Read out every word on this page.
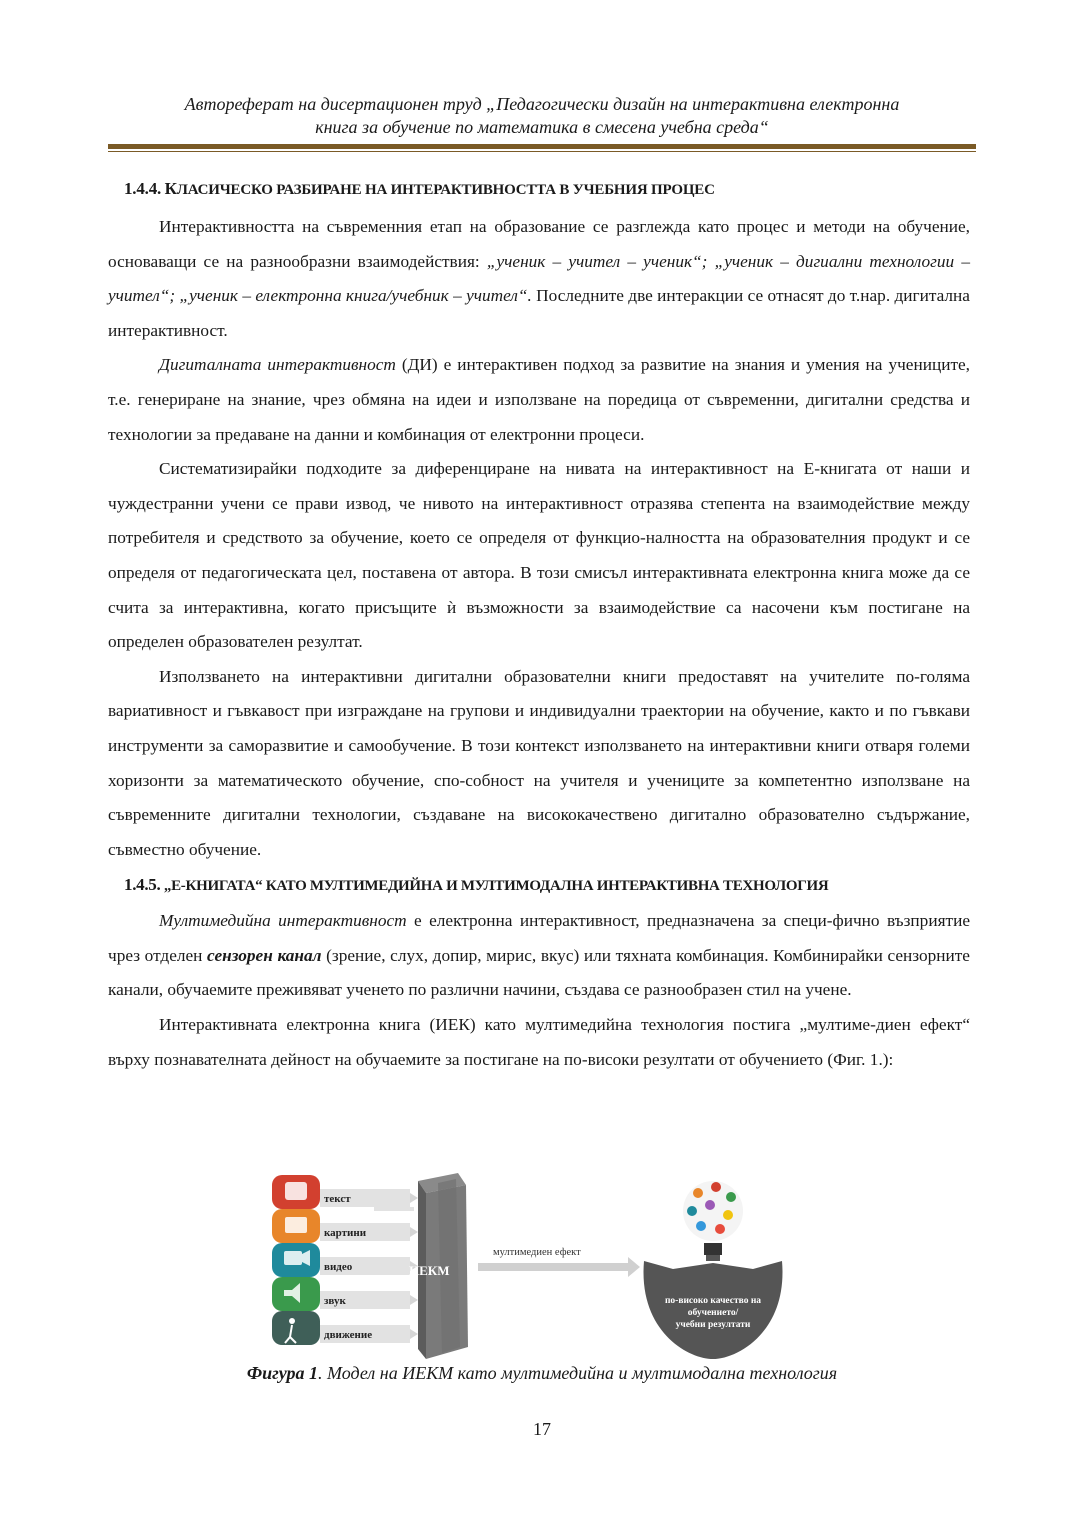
Автореферат на дисертационен труд „Педагогически дизайн на интерактивна електронна
книга за обучение по математика в смесена учебна среда“
1.4.4. КЛАСИЧЕСКО РАЗБИРАНЕ НА ИНТЕРАКТИВНОСТТА В УЧЕБНИЯ ПРОЦЕС

Интерактивността на съвременния етап на образование се разглежда като процес и методи на обучение, основаващи се на разнообразни взаимодействия: „ученик – учител – ученик“; „ученик – дигиални технологии – учител“; „ученик – електронна книга/учебник – учител“. Последните две интеракции се отнасят до т.нар. дигитална интерактивност.

Дигиталната интерактивност (ДИ) е интерактивен подход за развитие на знания и умения на учениците, т.е. генериране на знание, чрез обмяна на идеи и използване на поредица от съвременни, дигитални средства и технологии за предаване на данни и комбинация от електронни процеси.

Систематизирайки подходите за диференциране на нивата на интерактивност на Е-книгата от наши и чуждестранни учени се прави извод, че нивото на интерактивност отразява степента на взаимодействие между потребителя и средството за обучение, което се определя от функцио-налността на образователния продукт и се определя от педагогическата цел, поставена от автора. В този смисъл интерактивната електронна книга може да се счита за интерактивна, когато присъщите ѝ възможности за взаимодействие са насочени към постигане на определен образователен резултат.

Използването на интерактивни дигитални образователни книги предоставят на учителите по-голяма вариативност и гъвкавост при изграждане на групови и индивидуални траектории на обучение, както и по гъвкави инструменти за саморазвитие и самообучение. В този контекст използването на интерактивни книги отваря големи хоризонти за математическото обучение, спо-собност на учителя и учениците за компетентно използване на съвременните дигитални технологии, създаване на висококачествено дигитално образователно съдържание, съвместно обучение.

1.4.5. „Е-КНИГАТА“ КАТО МУЛТИМЕДИЙНА И МУЛТИМОДАЛНА ИНТЕРАКТИВНА ТЕХНОЛОГИЯ

Мултимедийна интерактивност е електронна интерактивност, предназначена за специ-фично възприятие чрез отделен сензорен канал (зрение, слух, допир, мирис, вкус) или тяхната комбинация. Комбинирайки сензорните канали, обучаемите преживяват ученето по различни начини, създава се разнообразен стил на учене.

Интерактивната електронна книга (ИЕК) като мултимедийна технология постига „мултиме-диен ефект“ върху познавателната дейност на обучаемите за постигане на по-високи резултати от обучението (Фиг. 1.):

текст
картини
видео
звук
движение
ИЕКМ
мултимедиен ефект
по-високо качество на
обучението/
учебни резултати
Фигура 1. Модел на ИЕКМ като мултимедийна и мултимодална технология
17
